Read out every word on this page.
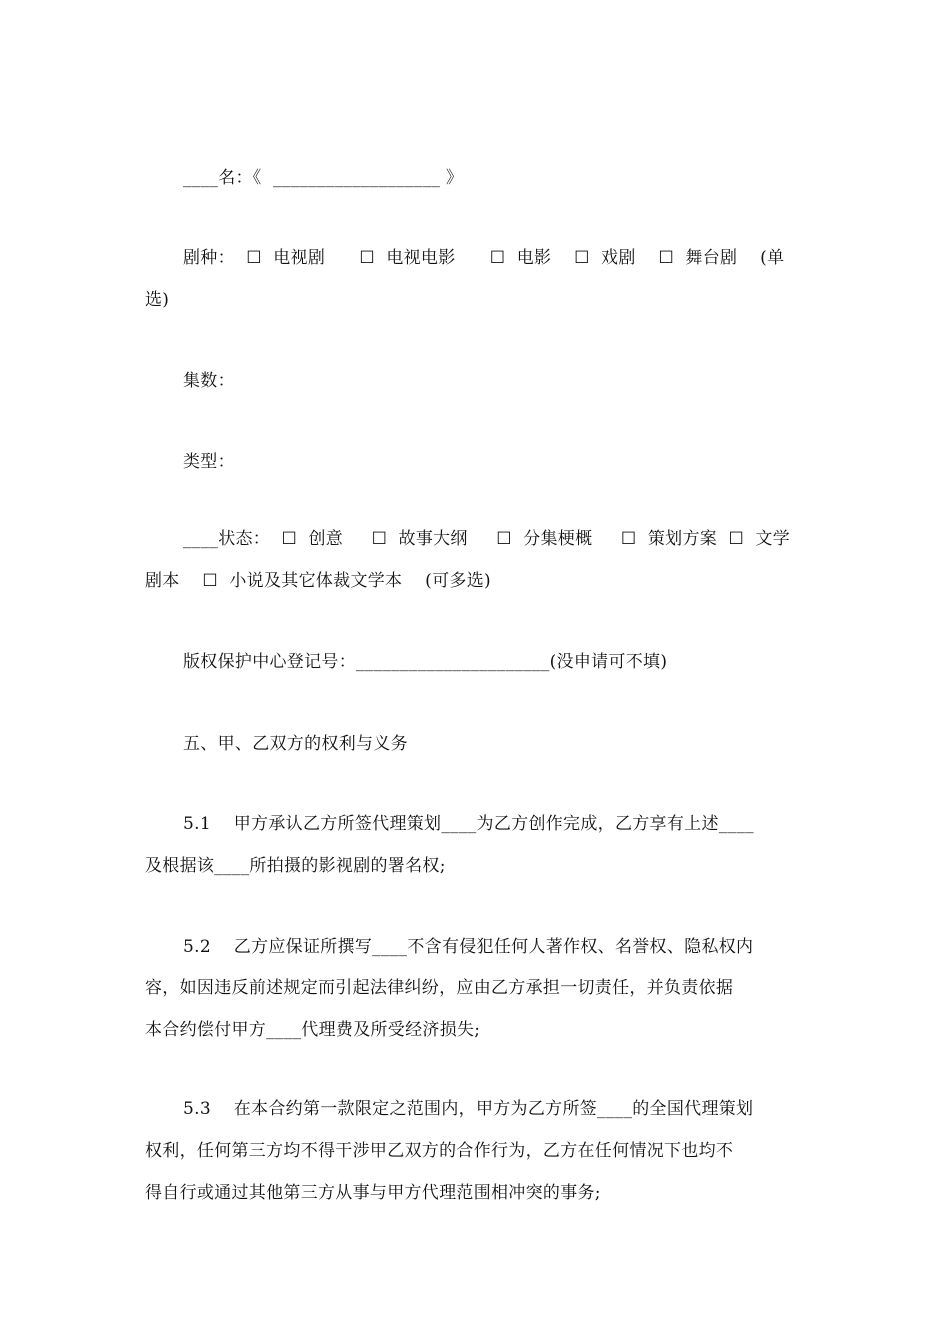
____名：《  ___________________ 》
剧种：  ☐  电视剧      ☐  电视电影      ☐  电影    ☐  戏剧    ☐  舞台剧    (单
选)
集数：
类型：
____状态：  ☐  创意     ☐  故事大纲     ☐  分集梗概     ☐  策划方案  ☐  文学
剧本    ☐  小说及其它体裁文学本    (可多选)
版权保护中心登记号：______________________(没申请可不填)
五、甲、乙双方的权利与义务
5.1    甲方承认乙方所签代理策划____为乙方创作完成，乙方享有上述____
及根据该____所拍摄的影视剧的署名权;
5.2    乙方应保证所撰写____不含有侵犯任何人著作权、名誉权、隐私权内
容，如因违反前述规定而引起法律纠纷，应由乙方承担一切责任，并负责依据
本合约偿付甲方____代理费及所受经济损失;
5.3    在本合约第一款限定之范围内，甲方为乙方所签____的全国代理策划
权利，任何第三方均不得干涉甲乙双方的合作行为，乙方在任何情况下也均不
得自行或通过其他第三方从事与甲方代理范围相冲突的事务;
